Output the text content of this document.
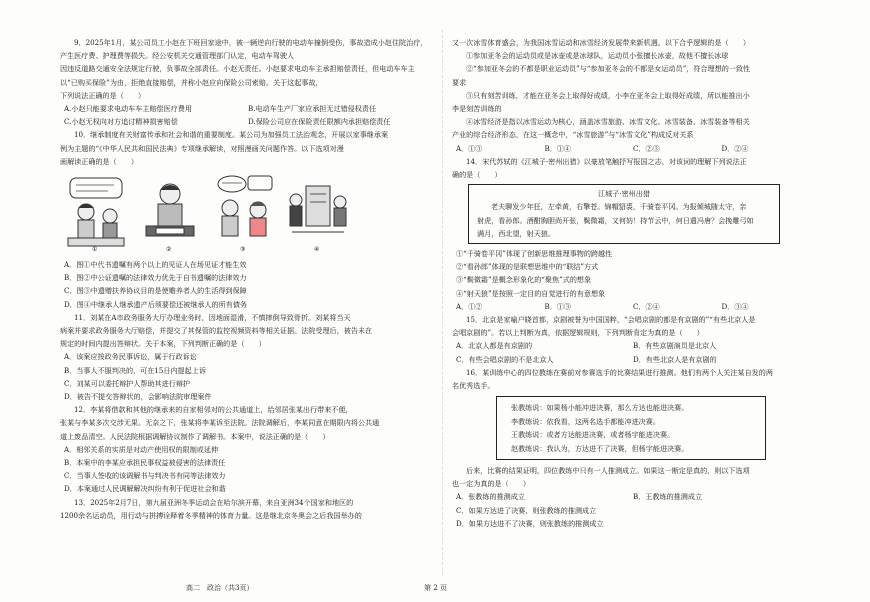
9．2025年1月，某公司员工小赵在下班回家途中，被一辆逆向行驶的电动车撞倒受伤，事故造成小赵住院治疗，产生医疗费、护理费等损失。经公安机关交通管理部门认定，电动车驾驶人

因违反道路交通安全法规定行驶，负事故全部责任。小赵无责任。小赵要求电动车主承担赔偿责任，但电动车车主以“已购买保险”为由，拒绝直接赔偿，并称小赵应向保险公司索赔。关于这起事故，

下列说法正确的是（　　）

A.小赵只能要求电动车车主赔偿医疗费用	B.电动车生产厂家应承担无过错侵权责任
C.小赵无权向对方追讨精神损害赔偿	D.保险公司应在保险责任限额内承担赔偿责任

10．继承制度有关财富传承和社会和谐的重要制度。某公司为加强员工法治观念，开展以家事继承案

例为主题的“《中华人民共和国民法典》专项继承解读，对照漫画关问题作答。以下选项对漫

画解读正确的是（　　）

①	②	③	④

A．图①中代书遗嘱有两个以上的见证人在场见证才能生效

B．图②中公证遗嘱的法律效力优先于自书遗嘱的法律效力

C．图③中遗赠扶养协议目的是使赡养者人的生活得到保障

D．图④中继承人继承遗产后须要偿还被继承人的所有债务

11．刘某在A市政务服务大厅办理业务时，因地面湿滑，不慎摔倒导致骨折。刘某将当天

病案并要求政务服务大厅赔偿，并提交了其保管的监控视频资料等相关证据。法院受理后，被告未在

规定的时间内提出答辩状。关于本案，下列判断正确的是（　　）

A．该案应按政务民事诉讼，属于行政诉讼

B．当事人不服判决的，可在15日内提起上诉

C．刘某可以委托辩护人帮助其进行辩护

D．被告不提交答辩状的，会影响法院审理案件

12．李某将借款和其他的继承来的自家相邻对的公共通道上，给邻居张某出行带来不便，

张某与李某多次交涉无果。无奈之下，张某将李某诉至法院。法院调解后，李某同意在期限内将公共通

道上废品清空。人民法院根据调解协议制作了调解书。本案中，说法正确的是（　　）

A．相邻关系的实质是对动产使用权的限制或延伸

B．本案中的李某应承担民事权益被侵害的法律责任

C．当事人签收的该调解书与判决书有同等法律效力

D．本案通过人民调解解决纠纷有利于促进社会和谐

13．2025年2月7日，第九届亚洲冬季运动会在哈尔滨开幕，来自亚洲34个国家和地区的

1200余名运动员，用行动与拼搏诠释着冬季精神的体育力量。这是继北京冬奥会之后我国举办的

又一次冰雪体育盛会，为我国冰雪运动和冰雪经济发展带来新机遇。以下合乎逻辑的是（　　）

①参加亚冬会的运动员或是冰壶或是冰球队，运动员小张擅长冰壶，故他不擅长冰球

②“参加亚冬会的不都是职业运动员”与“参加亚冬会的不都是女运动员”，符合理想的一致性

要求

③只有刻苦训练，才能在亚冬会上取得好成绩，小李在亚冬会上取得好成绩，所以能推出小

李是刻苦训练的

④冰雪经济是指以冰雪运动为核心，涵盖冰雪旅游、冰雪文化、冰雪装备、冰雪装备等相关

产业的综合经济形态，在这一概念中，“冰雪旅游”与“冰雪文化”构成反对关系

A．①③	B．①④	C．②③	D．②④

14．宋代苏轼的《江城子·密州出猎》以豪放笔触抒写报国之志，对该词的理解下列说法正

确的是（　　）

江城子·密州出猎

老夫聊发少年狂，左牵黄，右擎苍。锦帽貂裘，千骑卷平冈。为报倾城随太守，亲

射虎，看孙郎。酒酣胸胆尚开张，鬓微霜，又何妨！持节云中，何日遣冯唐？会挽雕弓如

满月，西北望，射天狼。

①“千骑卷平冈”体现了创新思维推理事物的跨越性

②“看孙郎”体现的是联想思维中的“联结”方式

③“鬓微霜”是概念形象化的“聚焦”式的想象

④“射天狼”是按照一定目的自觉进行的有意想象

A．①②	B．①③	C．②④	D．③④

15．北京是家喻户晓首都，京剧被誉为中国国粹，“会唱京剧的都是有京剧的”“有些北京人是

会唱京剧的”。若以上判断为真，依据逻辑规则，下列判断肯定为真的是（　　）

A．北京人都是有京剧的	B．有些京剧演员是北京人
C．有些会唱京剧的不是北京人	D．有些北京人是有京剧的

16．某训练中心的四位教练在赛前对参赛选手的比赛结果进行推测。他们有两个人关注某自发的两

名优秀选手。

张教练说：如果杨小能冲进决赛，那么方达也能进决赛。

李教练说：依我看，这两名选手都能冲进决赛。

王教练说：或者方达能进决赛，或者杨宇能进决赛。

赵教练说：我认为，方达进不了决赛，但杨宇能进决赛。

后来，比赛的结果证明，四位教练中只有一人推测成立。如果这一断定是真的，则以下选项

也一定为真的是（　　）

A．张教练的推测成立	B．王教练的推测成立

C．如果方达进了决赛，则张教练的推测成立

D．如果方达进不了决赛，则张教练的推测成立

高二　政治（共3页）	第 2 页
